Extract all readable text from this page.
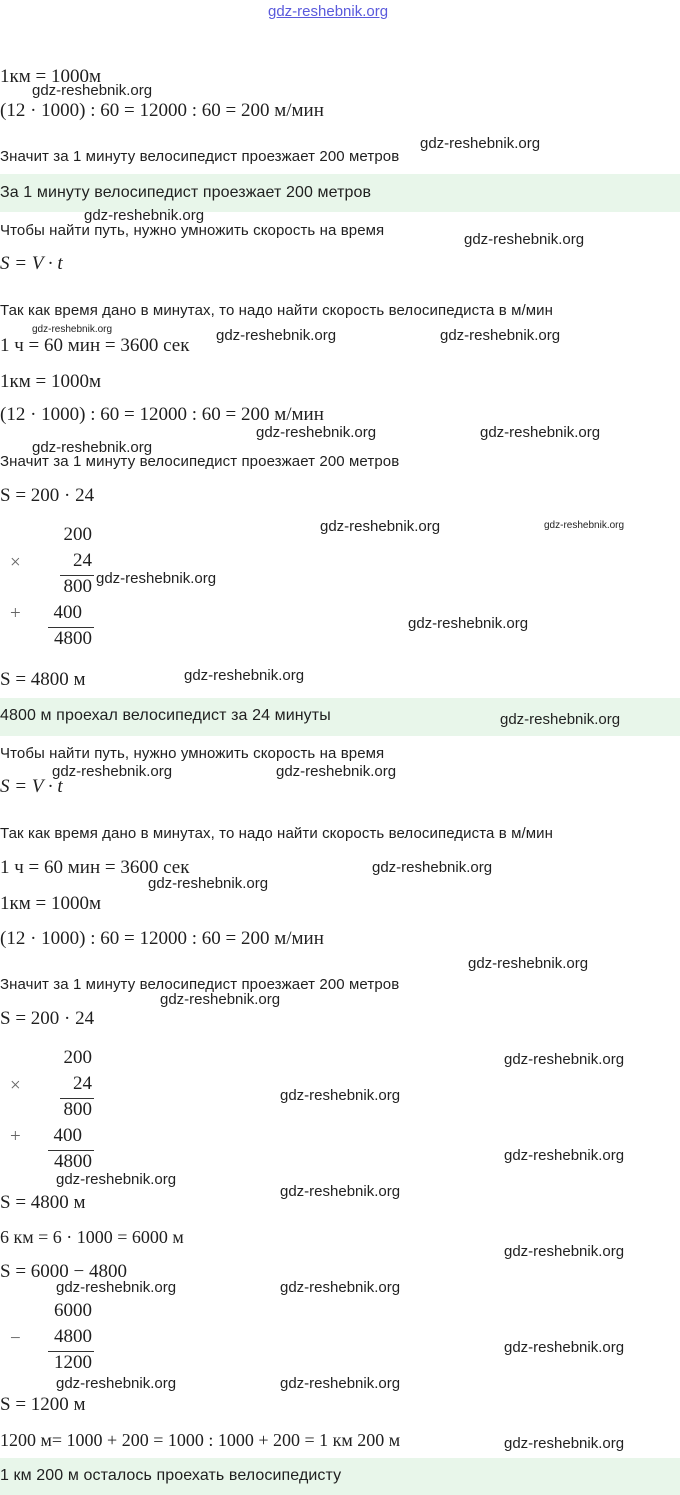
gdz-reshebnik.org
1км = 1000м
gdz-reshebnik.org
(12 · 1000) : 60 = 12000 : 60 = 200 м/мин
gdz-reshebnik.org
Значит за 1 минуту велосипедист проезжает 200 метров
За 1 минуту велосипедист проезжает 200 метров
gdz-reshebnik.org
Чтобы найти путь, нужно умножить скорость на время
gdz-reshebnik.org
S = V · t
Так как время дано в минутах, то надо найти скорость велосипедиста в м/мин
gdz-reshebnik.org
1 ч = 60 мин = 3600 сек gdz-reshebnik.org	gdz-reshebnik.org
1км = 1000м
(12 · 1000) : 60 = 12000 : 60 = 200 м/мин
gdz-reshebnik.org	gdz-reshebnik.org
gdz-reshebnik.org
Значит за 1 минуту велосипедист проезжает 200 метров
S = 200 · 24
×
200
24
800
+	400
4800
gdz-reshebnik.org
gdz-reshebnik.org	gdz-reshebnik.org
gdz-reshebnik.org
S = 4800 м	gdz-reshebnik.org
4800 м проехал велосипедист за 24 минуты	gdz-reshebnik.org
Чтобы найти путь, нужно умножить скорость на время
gdz-reshebnik.org	gdz-reshebnik.org
S = V · t
Так как время дано в минутах, то надо найти скорость велосипедиста в м/мин
1 ч = 60 мин = 3600 сек	gdz-reshebnik.org
gdz-reshebnik.org
1км = 1000м
(12 · 1000) : 60 = 12000 : 60 = 200 м/мин
gdz-reshebnik.org
Значит за 1 минуту велосипедист проезжает 200 метров
gdz-reshebnik.org
S = 200 · 24
×
200
24
800
+	400
4800
gdz-reshebnik.org
gdz-reshebnik.org
gdz-reshebnik.org
gdz-reshebnik.org
S = 4800 м
gdz-reshebnik.org
6 км = 6 · 1000 = 6000 м
gdz-reshebnik.org
S = 6000 − 4800
gdz-reshebnik.org	gdz-reshebnik.org
−
6000
4800
1200
gdz-reshebnik.org
gdz-reshebnik.org	gdz-reshebnik.org
S = 1200 м
1200 м= 1000 + 200 = 1000 : 1000 + 200 = 1 км 200 м	gdz-reshebnik.org
1 км 200 м осталось проехать велосипедисту
